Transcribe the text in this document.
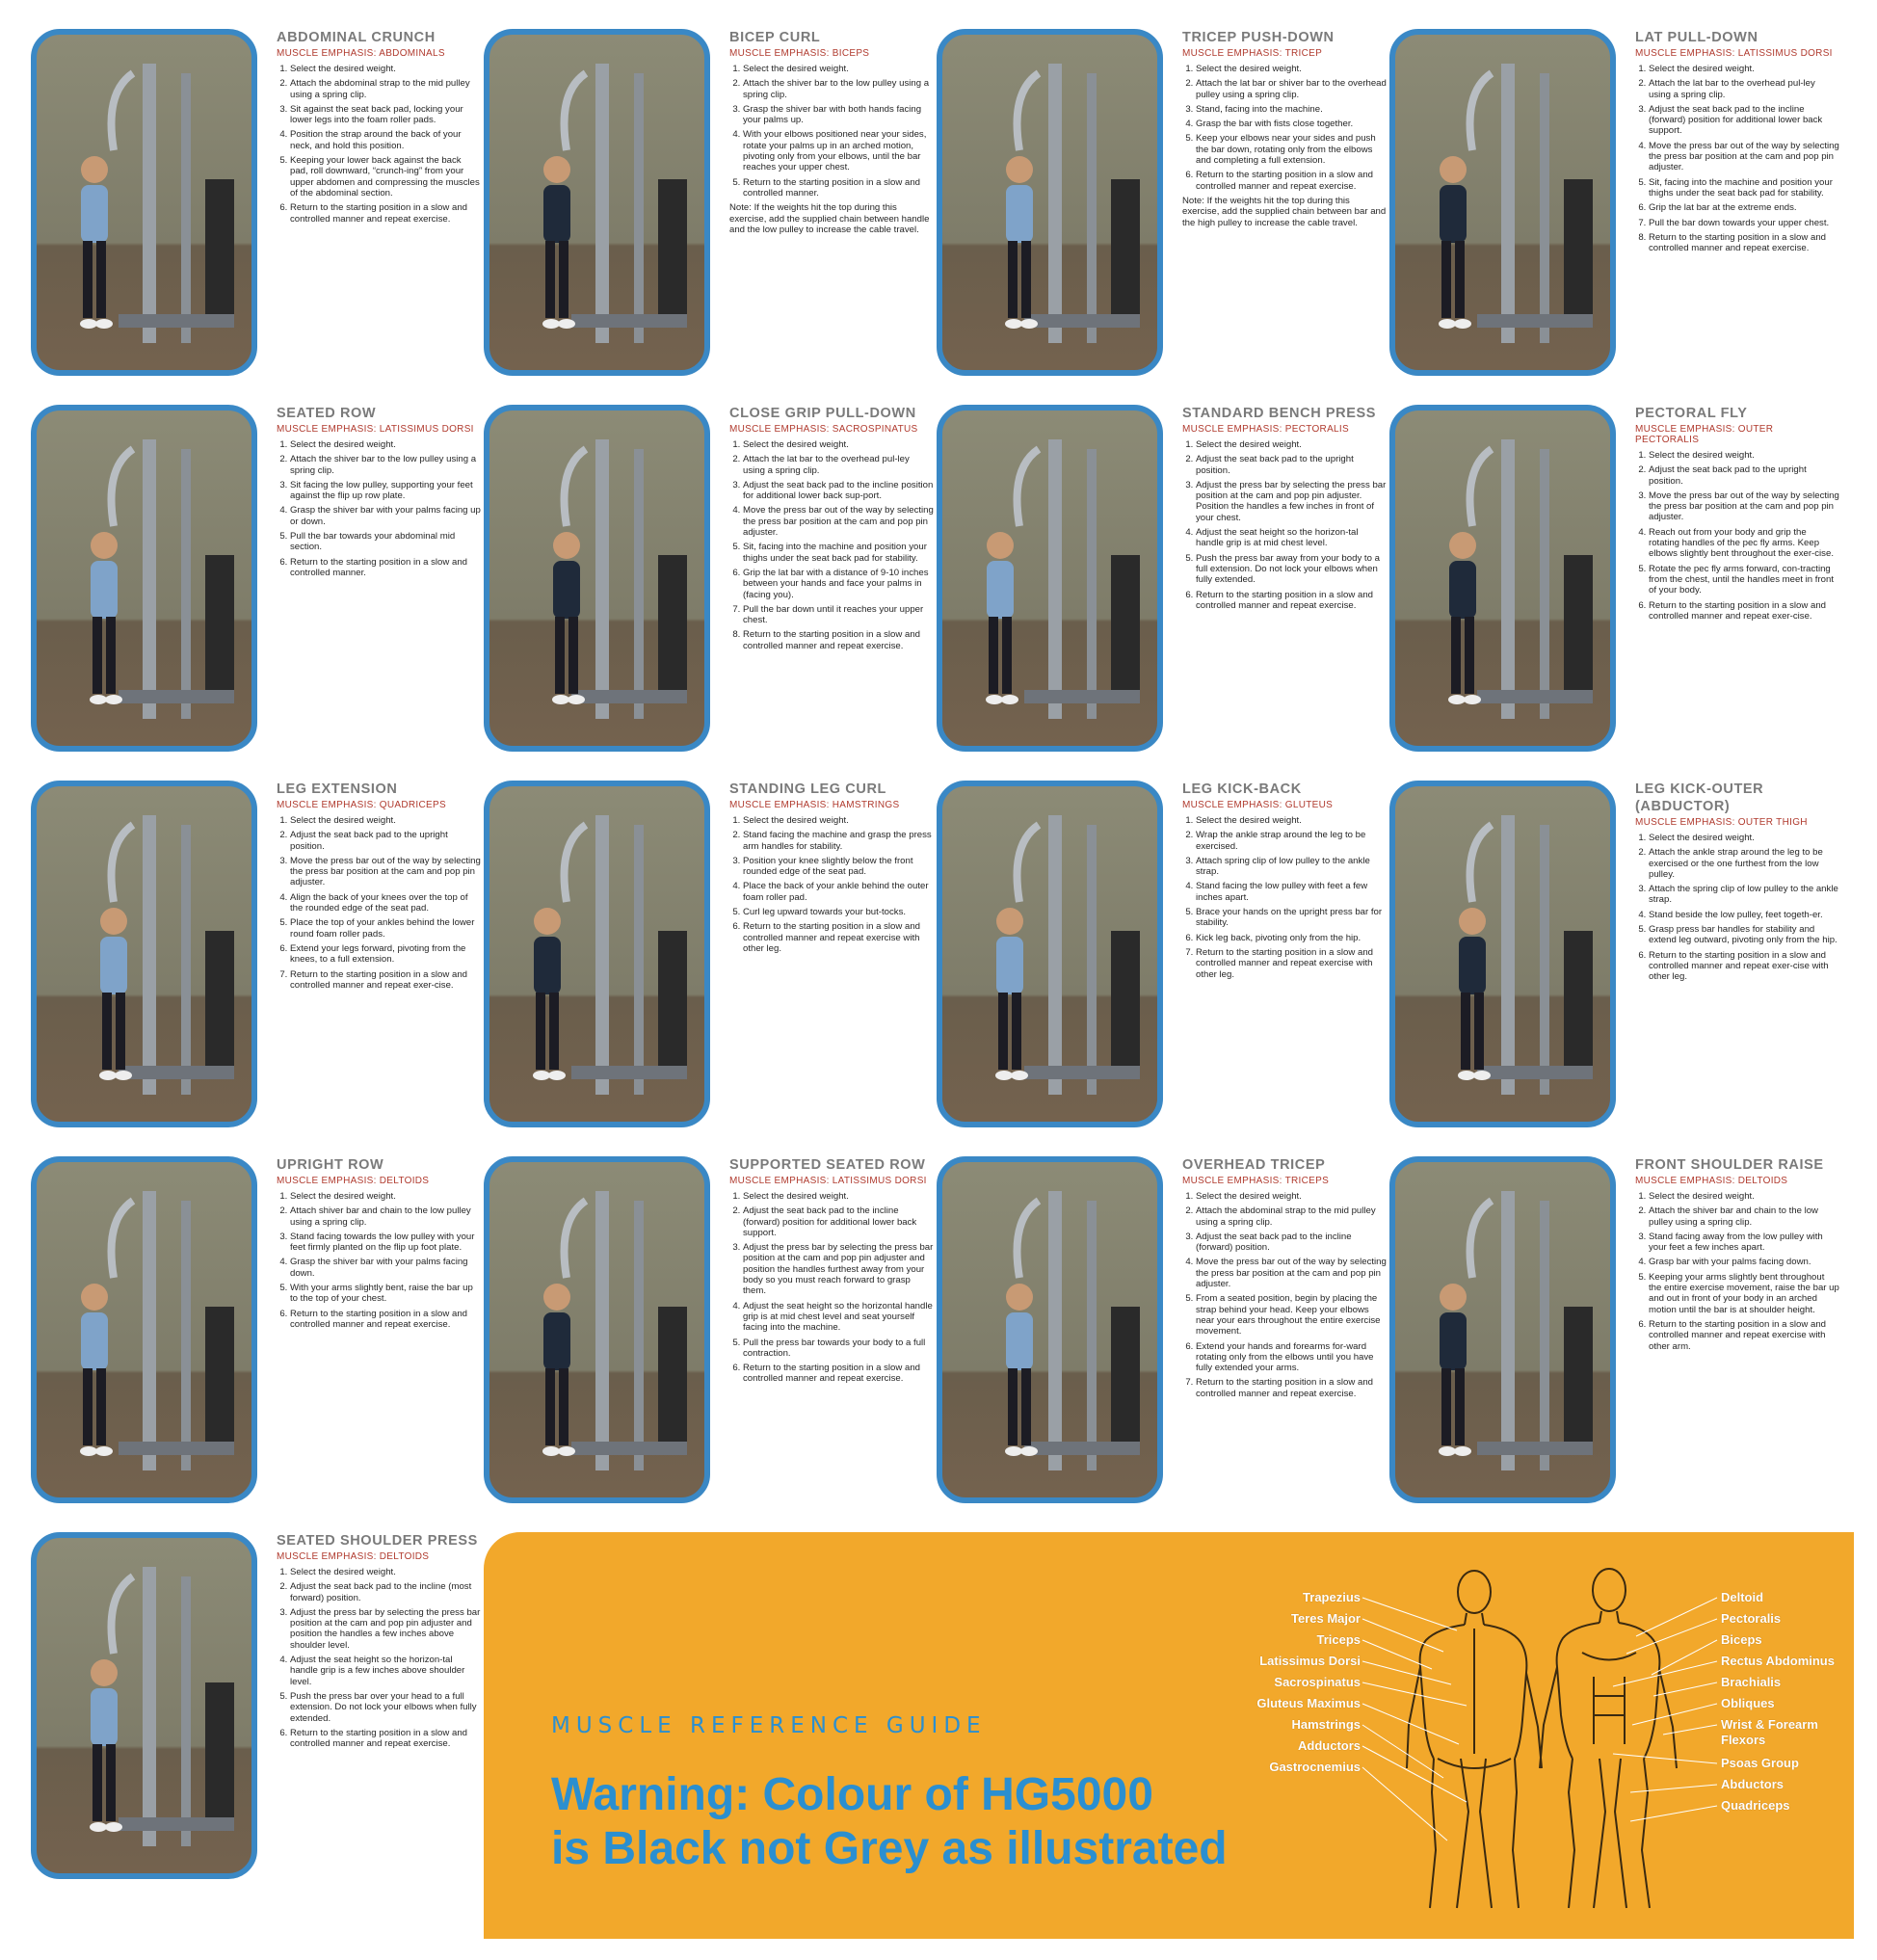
ABDOMINAL CRUNCH
MUSCLE EMPHASIS: ABDOMINALS
1. Select the desired weight.
2. Attach the abdominal strap to the mid pulley using a spring clip.
3. Sit against the seat back pad, locking your lower legs into the foam roller pads.
4. Position the strap around the back of your neck, and hold this position.
5. Keeping your lower back against the back pad, roll downward, “crunch-ing” from your upper abdomen and compressing the muscles of the abdominal section.
6. Return to the starting position in a slow and controlled manner and repeat exercise.
BICEP CURL
MUSCLE EMPHASIS: BICEPS
1. Select the desired weight.
2. Attach the shiver bar to the low pulley using a spring clip.
3. Grasp the shiver bar with both hands facing your palms up.
4. With your elbows positioned near your sides, rotate your palms up in an arched motion, pivoting only from your elbows, until the bar reaches your upper chest.
5. Return to the starting position in a slow and controlled manner.

Note: If the weights hit the top during this exercise, add the supplied chain between handle and the low pulley to increase the cable travel.

TRICEP PUSH-DOWN
MUSCLE EMPHASIS: TRICEP
1. Select the desired weight.
2. Attach the lat bar or shiver bar to the overhead pulley using a spring clip.
3. Stand, facing into the machine.
4. Grasp the bar with fists close together.
5. Keep your elbows near your sides and push the bar down, rotating only from the elbows and completing a full extension.
6. Return to the starting position in a slow and controlled manner and repeat exercise.

Note: If the weights hit the top during this exercise, add the supplied chain between bar and the high pulley to increase the cable travel.

LAT PULL-DOWN
MUSCLE EMPHASIS: LATISSIMUS DORSI
1. Select the desired weight.
2. Attach the lat bar to the overhead pul-ley using a spring clip.
3. Adjust the seat back pad to the incline (forward) position for additional lower back support.
4. Move the press bar out of the way by selecting the press bar position at the cam and pop pin adjuster.
5. Sit, facing into the machine and position your thighs under the seat back pad for stability.
6. Grip the lat bar at the extreme ends.
7. Pull the bar down towards your upper chest.
8. Return to the starting position in a slow and controlled manner and repeat exercise.
SEATED ROW
MUSCLE EMPHASIS: LATISSIMUS DORSI
1. Select the desired weight.
2. Attach the shiver bar to the low pulley using a spring clip.
3. Sit facing the low pulley, supporting your feet against the flip up row plate.
4. Grasp the shiver bar with your palms facing up or down.
5. Pull the bar towards your abdominal mid section.
6. Return to the starting position in a slow and controlled manner.
CLOSE GRIP PULL-DOWN
MUSCLE EMPHASIS: SACROSPINATUS
1. Select the desired weight.
2. Attach the lat bar to the overhead pul-ley using a spring clip.
3. Adjust the seat back pad to the incline position for additional lower back sup-port.
4. Move the press bar out of the way by selecting the press bar position at the cam and pop pin adjuster.
5. Sit, facing into the machine and position your thighs under the seat back pad for stability.
6. Grip the lat bar with a distance of 9-10 inches between your hands and face your palms in (facing you).
7. Pull the bar down until it reaches your upper chest.
8. Return to the starting position in a slow and controlled manner and repeat exercise.
STANDARD BENCH PRESS
MUSCLE EMPHASIS: PECTORALIS
1. Select the desired weight.
2. Adjust the seat back pad to the upright position.
3. Adjust the press bar by selecting the press bar position at the cam and pop pin adjuster. Position the handles a few inches in front of your chest.
4. Adjust the seat height so the horizon-tal handle grip is at mid chest level.
5. Push the press bar away from your body to a full extension. Do not lock your elbows when fully extended.
6. Return to the starting position in a slow and controlled manner and repeat exercise.
PECTORAL FLY
MUSCLE EMPHASIS: OUTER PECTORALIS
1. Select the desired weight.
2. Adjust the seat back pad to the upright position.
3. Move the press bar out of the way by selecting the press bar position at the cam and pop pin adjuster.
4. Reach out from your body and grip the rotating handles of the pec fly arms. Keep elbows slightly bent throughout the exer-cise.
5. Rotate the pec fly arms forward, con-tracting from the chest, until the handles meet in front of your body.
6. Return to the starting position in a slow and controlled manner and repeat exer-cise.
LEG EXTENSION
MUSCLE EMPHASIS: QUADRICEPS
1. Select the desired weight.
2. Adjust the seat back pad to the upright position.
3. Move the press bar out of the way by selecting the press bar position at the cam and pop pin adjuster.
4. Align the back of your knees over the top of the rounded edge of the seat pad.
5. Place the top of your ankles behind the lower round foam roller pads.
6. Extend your legs forward, pivoting from the knees, to a full extension.
7. Return to the starting position in a slow and controlled manner and repeat exer-cise.
STANDING LEG CURL
MUSCLE EMPHASIS: HAMSTRINGS
1. Select the desired weight.
2. Stand facing the machine and grasp the press arm handles for stability.
3. Position your knee slightly below the front rounded edge of the seat pad.
4. Place the back of your ankle behind the outer foam roller pad.
5. Curl leg upward towards your but-tocks.
6. Return to the starting position in a slow and controlled manner and repeat exercise with other leg.
LEG KICK-BACK
MUSCLE EMPHASIS: GLUTEUS
1. Select the desired weight.
2. Wrap the ankle strap around the leg to be exercised.
3. Attach spring clip of low pulley to the ankle strap.
4. Stand facing the low pulley with feet a few inches apart.
5. Brace your hands on the upright press bar for stability.
6. Kick leg back, pivoting only from the hip.
7. Return to the starting position in a slow and controlled manner and repeat exercise with other leg.
LEG KICK-OUTER (ABDUCTOR)
MUSCLE EMPHASIS: OUTER THIGH
1. Select the desired weight.
2. Attach the ankle strap around the leg to be exercised or the one furthest from the low pulley.
3. Attach the spring clip of low pulley to the ankle strap.
4. Stand beside the low pulley, feet togeth-er.
5. Grasp press bar handles for stability and extend leg outward, pivoting only from the hip.
6. Return to the starting position in a slow and controlled manner and repeat exer-cise with other leg.
UPRIGHT ROW
MUSCLE EMPHASIS: DELTOIDS
1. Select the desired weight.
2. Attach shiver bar and chain to the low pulley using a spring clip.
3. Stand facing towards the low pulley with your feet firmly planted on the flip up foot plate.
4. Grasp the shiver bar with your palms facing down.
5. With your arms slightly bent, raise the bar up to the top of your chest.
6. Return to the starting position in a slow and controlled manner and repeat exercise.
SUPPORTED SEATED ROW
MUSCLE EMPHASIS: LATISSIMUS DORSI
1. Select the desired weight.
2. Adjust the seat back pad to the incline (forward) position for additional lower back support.
3. Adjust the press bar by selecting the press bar position at the cam and pop pin adjuster and position the handles furthest away from your body so you must reach forward to grasp them.
4. Adjust the seat height so the horizontal handle grip is at mid chest level and seat yourself facing into the machine.
5. Pull the press bar towards your body to a full contraction.
6. Return to the starting position in a slow and controlled manner and repeat exercise.
OVERHEAD TRICEP
MUSCLE EMPHASIS: TRICEPS
1. Select the desired weight.
2. Attach the abdominal strap to the mid pulley using a spring clip.
3. Adjust the seat back pad to the incline (forward) position.
4. Move the press bar out of the way by selecting the press bar position at the cam and pop pin adjuster.
5. From a seated position, begin by placing the strap behind your head. Keep your elbows near your ears throughout the entire exercise movement.
6. Extend your hands and forearms for-ward rotating only from the elbows until you have fully extended your arms.
7. Return to the starting position in a slow and controlled manner and repeat exercise.
FRONT SHOULDER RAISE
MUSCLE EMPHASIS: DELTOIDS
1. Select the desired weight.
2. Attach the shiver bar and chain to the low pulley using a spring clip.
3. Stand facing away from the low pulley with your feet a few inches apart.
4. Grasp bar with your palms facing down.
5. Keeping your arms slightly bent throughout the entire exercise movement, raise the bar up and out in front of your body in an arched motion until the bar is at shoulder height.
6. Return to the starting position in a slow and controlled manner and repeat exercise with other arm.
SEATED SHOULDER PRESS
MUSCLE EMPHASIS: DELTOIDS
1. Select the desired weight.
2. Adjust the seat back pad to the incline (most forward) position.
3. Adjust the press bar by selecting the press bar position at the cam and pop pin adjuster and position the handles a few inches above shoulder level.
4. Adjust the seat height so the horizon-tal handle grip is a few inches above shoulder level.
5. Push the press bar over your head to a full extension. Do not lock your elbows when fully extended.
6. Return to the starting position in a slow and controlled manner and repeat exercise.
MUSCLE REFERENCE GUIDE
Warning: Colour of HG5000
is Black not Grey as illustrated
Trapezius
Teres Major
Triceps
Latissimus Dorsi
Sacrospinatus
Gluteus Maximus
Hamstrings
Adductors
Gastrocnemius
Deltoid
Pectoralis
Biceps
Rectus Abdominus
Brachialis
Obliques
Wrist & Forearm
Flexors
Psoas Group
Abductors
Quadriceps
